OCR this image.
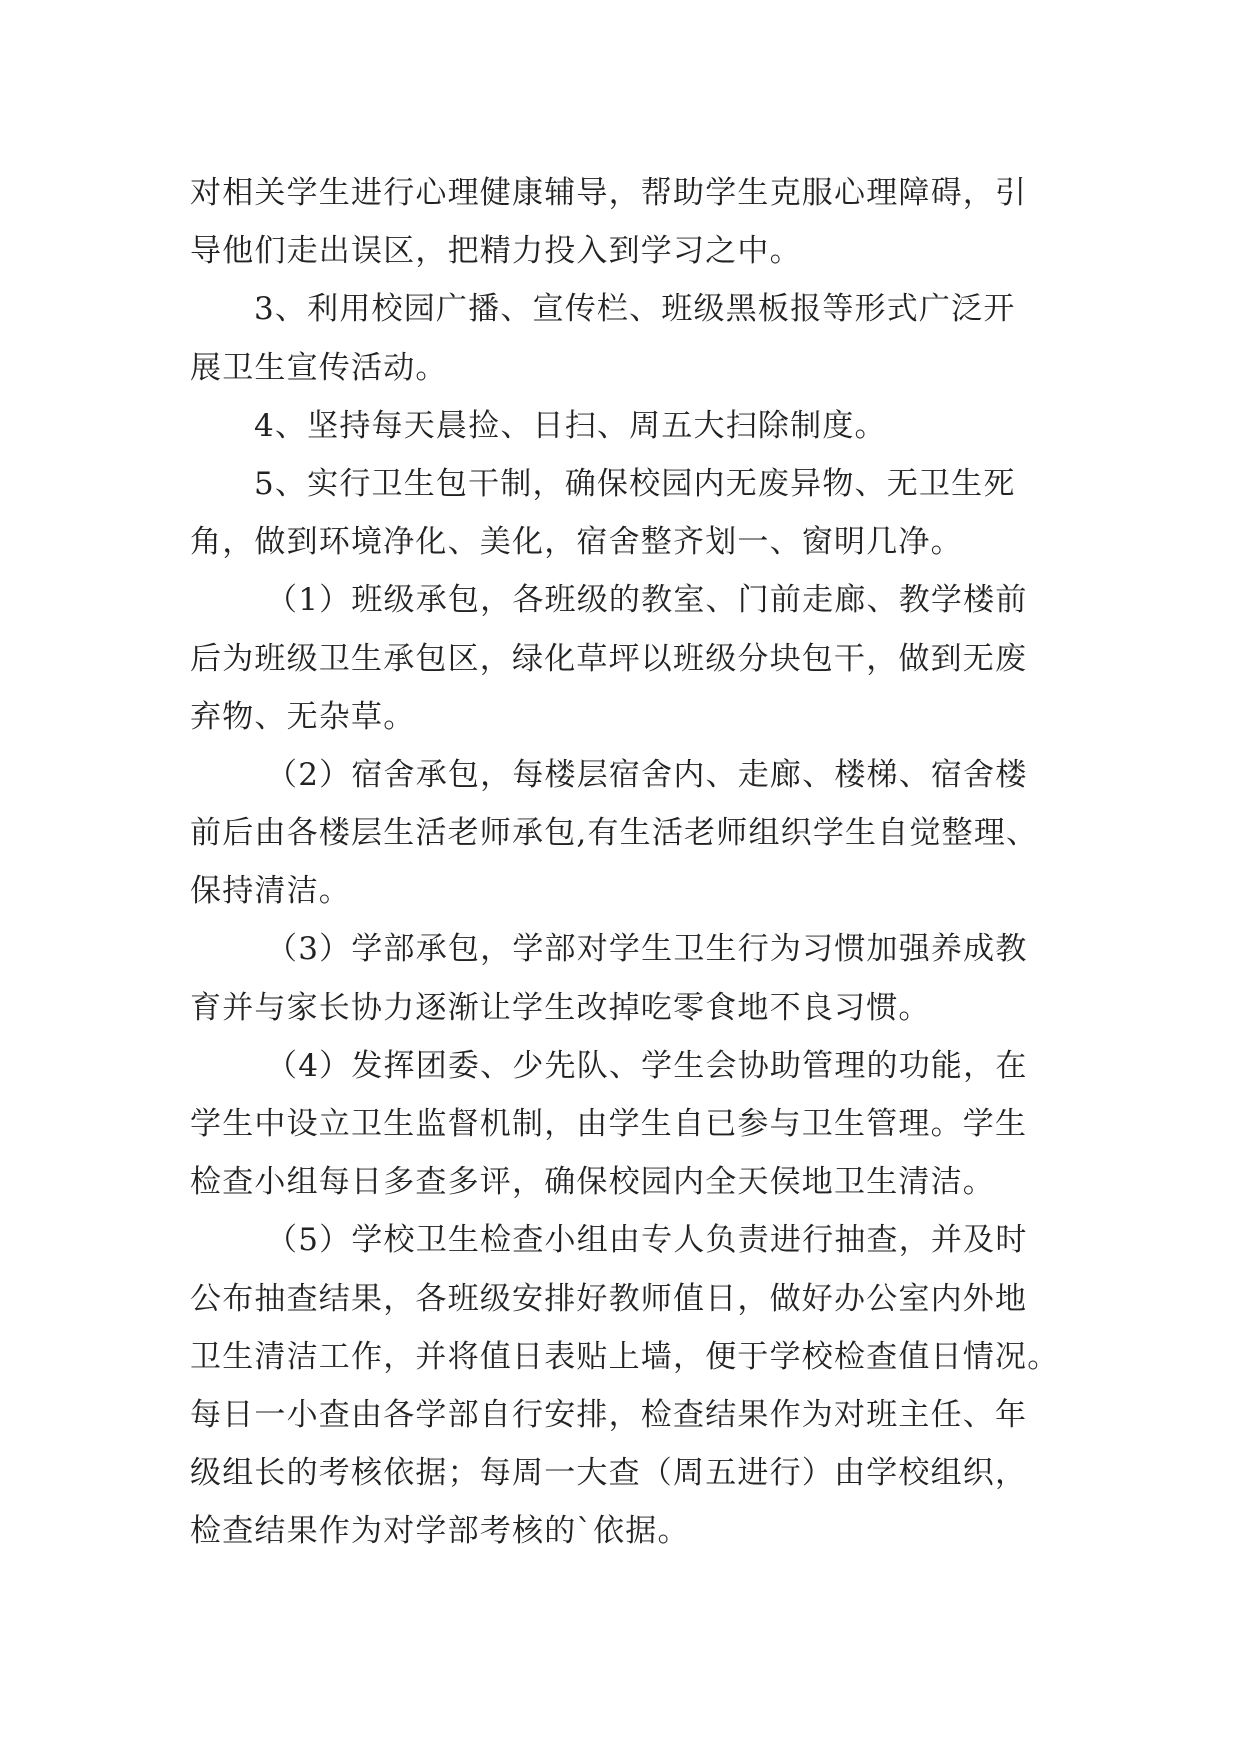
对相关学生进行心理健康辅导，帮助学生克服心理障碍，引
导他们走出误区，把精力投入到学习之中。
3、利用校园广播、宣传栏、班级黑板报等形式广泛开
展卫生宣传活动。
4、坚持每天晨捡、日扫、周五大扫除制度。
5、实行卫生包干制，确保校园内无废异物、无卫生死
角，做到环境净化、美化，宿舍整齐划一、窗明几净。
（1）班级承包，各班级的教室、门前走廊、教学楼前
后为班级卫生承包区，绿化草坪以班级分块包干，做到无废
弃物、无杂草。
（2）宿舍承包，每楼层宿舍内、走廊、楼梯、宿舍楼
前后由各楼层生活老师承包,有生活老师组织学生自觉整理、
保持清洁。
（3）学部承包，学部对学生卫生行为习惯加强养成教
育并与家长协力逐渐让学生改掉吃零食地不良习惯。
（4）发挥团委、少先队、学生会协助管理的功能，在
学生中设立卫生监督机制，由学生自已参与卫生管理。学生
检查小组每日多查多评，确保校园内全天侯地卫生清洁。
（5）学校卫生检查小组由专人负责进行抽查，并及时
公布抽查结果，各班级安排好教师值日，做好办公室内外地
卫生清洁工作，并将值日表贴上墙，便于学校检查值日情况。
每日一小查由各学部自行安排，检查结果作为对班主任、年
级组长的考核依据；每周一大查（周五进行）由学校组织，
检查结果作为对学部考核的`依据。
